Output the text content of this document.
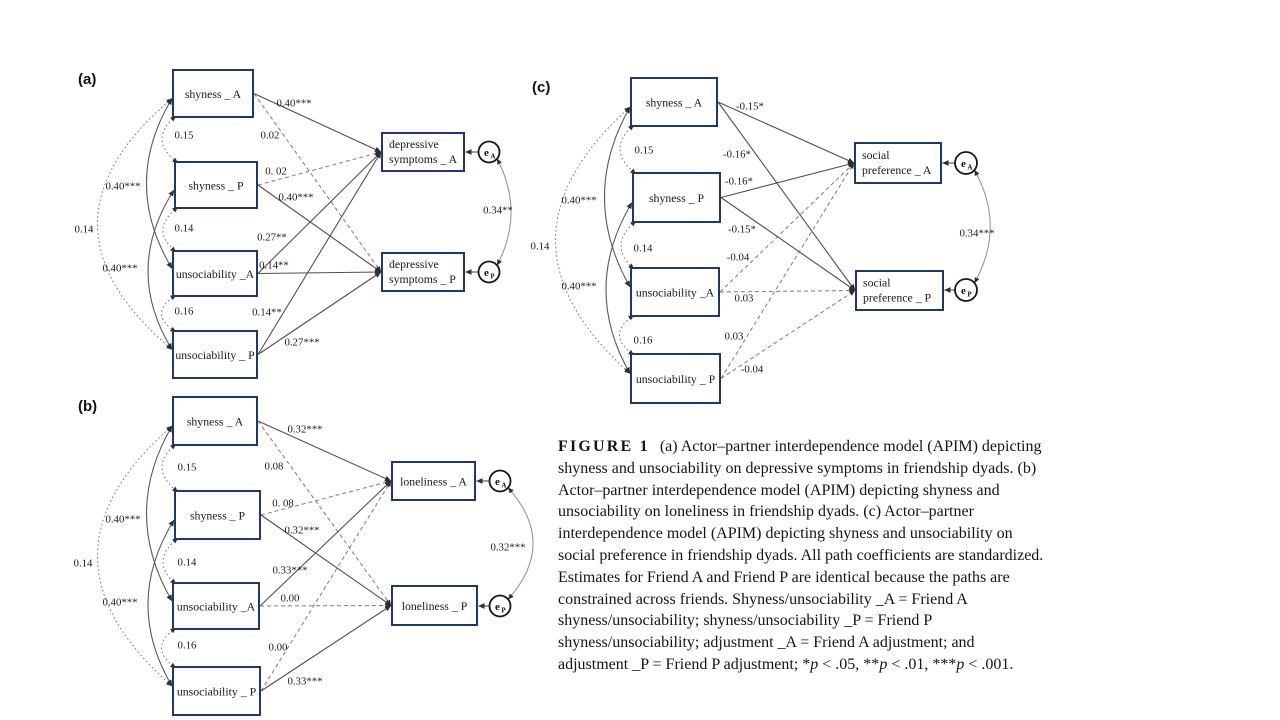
shyness _ A
shyness _ P
unsociability _A
unsociability _ P
depressive
symptoms _ A
depressive
symptoms _ P
e $_A$
e $_P$
0.40***
0.02
0. 02
0.40***
0.27**
0.14**
0.14**
0.27***
0.15
0.14
0.16
0.40***
0.40***
0.14
0.34**
(a)
shyness _ A
shyness _ P
unsociability _A
unsociability _ P
loneliness _ A
loneliness _ P
e $_A$
e $_P$
0.32***
0.08
0. 08
0.32***
0.33***
0.00
0.00
0.33***
0.15
0.14
0.16
0.40***
0.40***
0.14
0.32***
(b)
shyness _ A
shyness _ P
unsociability _A
unsociability _ P
social
preference _ A
social
preference _ P
e $_A$
e $_P$
-0.15*
-0.16*
-0.16*
-0.15*
-0.04
0.03
0.03
-0.04
0.15
0.14
0.16
0.40***
0.40***
0.14
0.34***
(c)
FIGURE 1 (a) Actor–partner interdependence model (APIM) depicting shyness and unsociability on depressive symptoms in friendship dyads. (b) Actor–partner interdependence model (APIM) depicting shyness and unsociability on loneliness in friendship dyads. (c) Actor–partner interdependence model (APIM) depicting shyness and unsociability on social preference in friendship dyads. All path coefficients are standardized. Estimates for Friend A and Friend P are identical because the paths are constrained across friends. Shyness/unsociability _A = Friend A shyness/unsociability; shyness/unsociability _P = Friend P shyness/unsociability; adjustment _A = Friend A adjustment; and adjustment _P = Friend P adjustment; *p < .05, **p < .01, ***p < .001.
